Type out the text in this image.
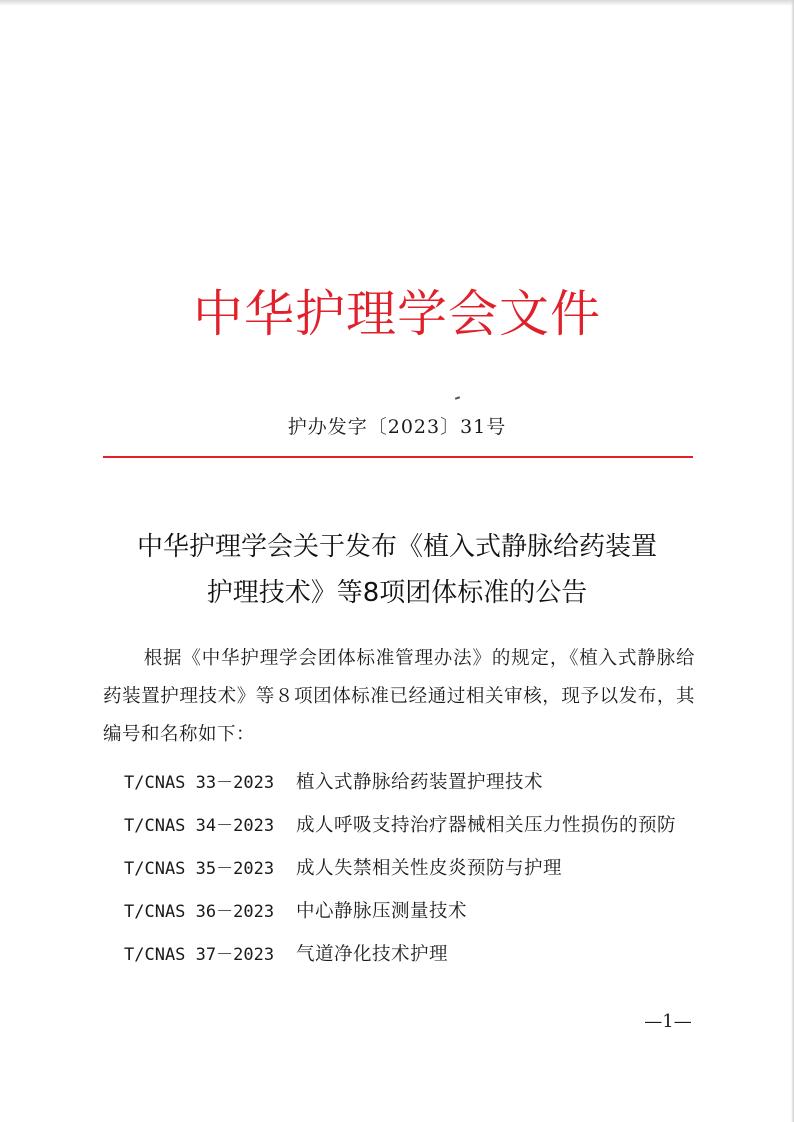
中华护理学会文件
护办发字〔2023〕31号
中华护理学会关于发布《植入式静脉给药装置
护理技术》等8项团体标准的公告
根据《中华护理学会团体标准管理办法》的规定，《植入式静脉给药装置护理技术》等８项团体标准已经通过相关审核，现予以发布，其编号和名称如下：
T/CNAS 33－2023	植入式静脉给药装置护理技术
T/CNAS 34－2023	成人呼吸支持治疗器械相关压力性损伤的预防
T/CNAS 35－2023	成人失禁相关性皮炎预防与护理
T/CNAS 36－2023	中心静脉压测量技术
T/CNAS 37－2023	气道净化技术护理
—1—
